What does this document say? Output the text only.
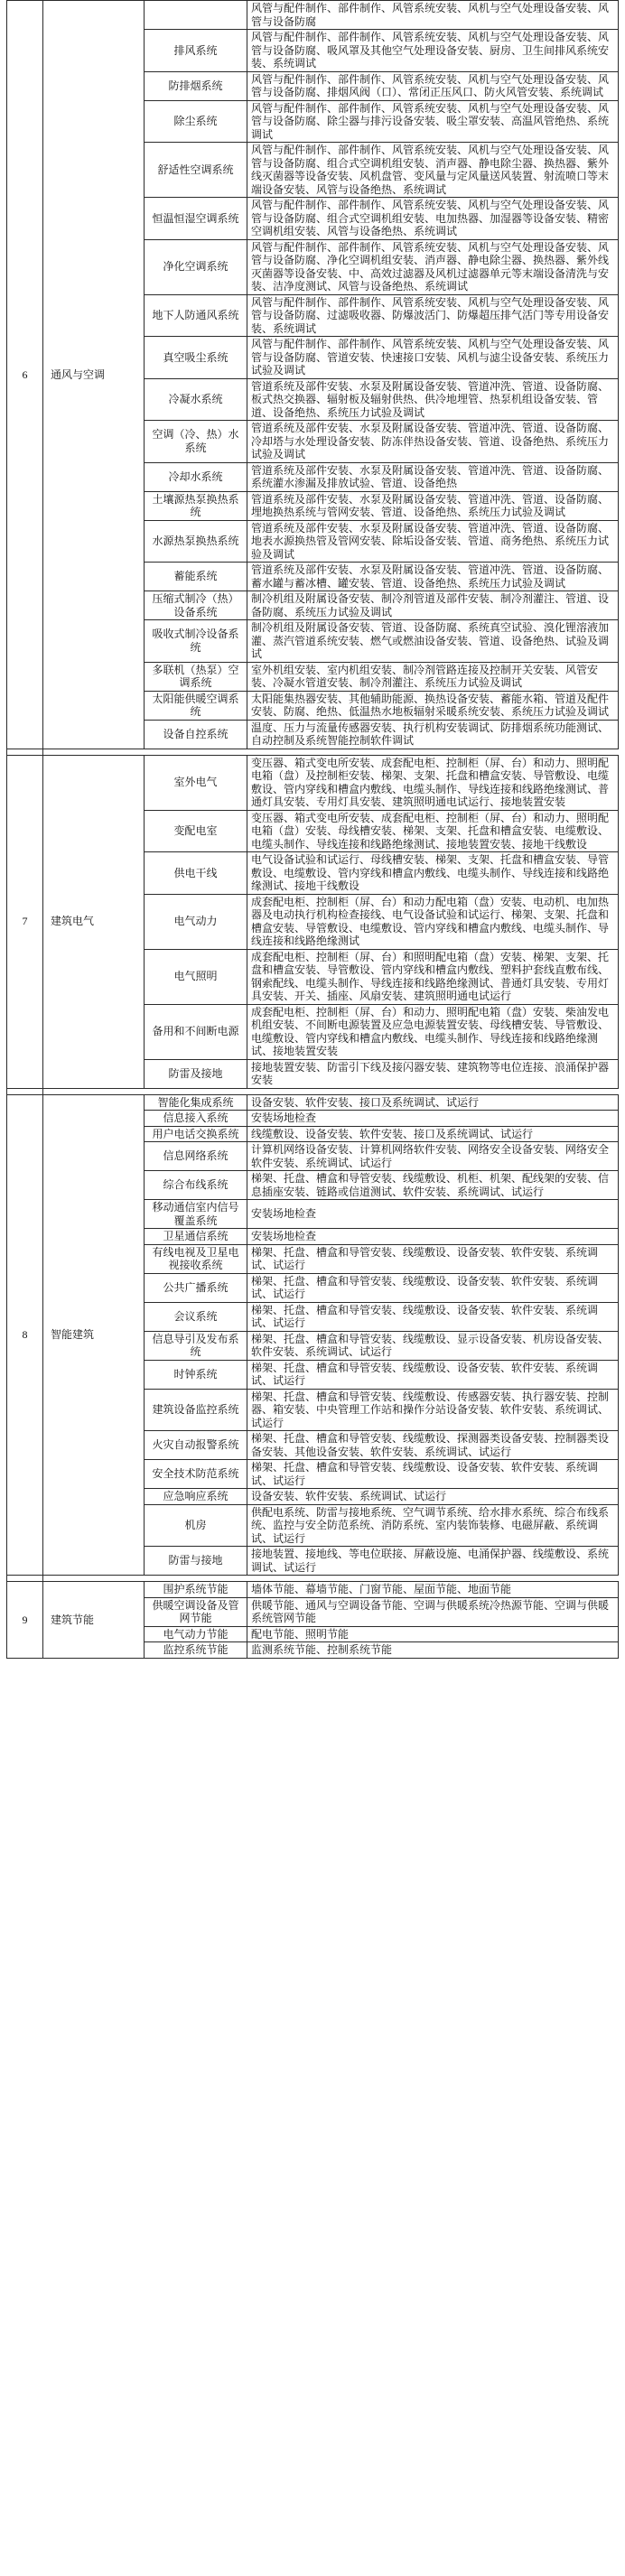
6	通风与空调		风管与配件制作、部件制作、风管系统安装、风机与空气处理设备安装、风管与设备防腐
		排风系统	风管与配件制作、部件制作、风管系统安装、风机与空气处理设备安装、风管与设备防腐、吸风罩及其他空气处理设备安装、厨房、卫生间排风系统安装、系统调试
		防排烟系统	风管与配件制作、部件制作、风管系统安装、风机与空气处理设备安装、风管与设备防腐、排烟风阀（口）、常闭正压风口、防火风管安装、系统调试
		除尘系统	风管与配件制作、部件制作、风管系统安装、风机与空气处理设备安装、风管与设备防腐、除尘器与排污设备安装、吸尘罩安装、高温风管绝热、系统调试
		舒适性空调系统	风管与配件制作、部件制作、风管系统安装、风机与空气处理设备安装、风管与设备防腐、组合式空调机组安装、消声器、静电除尘器、换热器、紫外线灭菌器等设备安装、风机盘管、变风量与定风量送风装置、射流喷口等末端设备安装、风管与设备绝热、系统调试
		恒温恒湿空调系统	风管与配件制作、部件制作、风管系统安装、风机与空气处理设备安装、风管与设备防腐、组合式空调机组安装、电加热器、加湿器等设备安装、精密空调机组安装、风管与设备绝热、系统调试
		净化空调系统	风管与配件制作、部件制作、风管系统安装、风机与空气处理设备安装、风管与设备防腐、净化空调机组安装、消声器、静电除尘器、换热器、紫外线灭菌器等设备安装、中、高效过滤器及风机过滤器单元等末端设备清洗与安装、洁净度测试、风管与设备绝热、系统调试
		地下人防通风系统	风管与配件制作、部件制作、风管系统安装、风机与空气处理设备安装、风管与设备防腐、过滤吸收器、防爆波活门、防爆超压排气活门等专用设备安装、系统调试
		真空吸尘系统	风管与配件制作、部件制作、风管系统安装、风机与空气处理设备安装、风管与设备防腐、管道安装、快速接口安装、风机与滤尘设备安装、系统压力试验及调试
		冷凝水系统	管道系统及部件安装、水泵及附属设备安装、管道冲洗、管道、设备防腐、板式热交换器、辐射板及辐射供热、供冷地埋管、热泵机组设备安装、管道、设备绝热、系统压力试验及调试
		空调（冷、热）水系统	管道系统及部件安装、水泵及附属设备安装、管道冲洗、管道、设备防腐、冷却塔与水处理设备安装、防冻伴热设备安装、管道、设备绝热、系统压力试验及调试
		冷却水系统	管道系统及部件安装、水泵及附属设备安装、管道冲洗、管道、设备防腐、系统灌水渗漏及排放试验、管道、设备绝热
		土壤源热泵换热系统	管道系统及部件安装、水泵及附属设备安装、管道冲洗、管道、设备防腐、埋地换热系统与管网安装、管道、设备绝热、系统压力试验及调试
		水源热泵换热系统	管道系统及部件安装、水泵及附属设备安装、管道冲洗、管道、设备防腐、地表水源换热管及管网安装、除垢设备安装、管道、商务绝热、系统压力试验及调试
		蓄能系统	管道系统及部件安装、水泵及附属设备安装、管道冲洗、管道、设备防腐、蓄水罐与蓄冰槽、罐安装、管道、设备绝热、系统压力试验及调试
		压缩式制冷（热）设备系统	制冷机组及附属设备安装、制冷剂管道及部件安装、制冷剂灌注、管道、设备防腐、系统压力试验及调试
		吸收式制冷设备系统	制冷机组及附属设备安装、管道、设备防腐、系统真空试验、溴化锂溶液加灌、蒸汽管道系统安装、燃气或燃油设备安装、管道、设备绝热、试验及调试
		多联机（热泵）空调系统	室外机组安装、室内机组安装、制冷剂管路连接及控制开关安装、风管安装、冷凝水管道安装、制冷剂灌注、系统压力试验及调试
		太阳能供暖空调系统	太阳能集热器安装、其他辅助能源、换热设备安装、蓄能水箱、管道及配件安装、防腐、绝热、低温热水地板辐射采暖系统安装、系统压力试验及调试
		设备自控系统	温度、压力与流量传感器安装、执行机构安装调试、防排烟系统功能测试、自动控制及系统智能控制软件调试

7	建筑电气	室外电气	变压器、箱式变电所安装、成套配电柜、控制柜（屏、台）和动力、照明配电箱（盘）及控制柜安装、梯架、支架、托盘和槽盒安装、导管敷设、电缆敷设、管内穿线和槽盒内敷线、电缆头制作、导线连接和线路绝缘测试、普通灯具安装、专用灯具安装、建筑照明通电试运行、接地装置安装
		变配电室	变压器、箱式变电所安装、成套配电柜、控制柜（屏、台）和动力、照明配电箱（盘）安装、母线槽安装、梯架、支架、托盘和槽盒安装、电缆敷设、电缆头制作、导线连接和线路绝缘测试、接地装置安装、接地干线敷设
		供电干线	电气设备试验和试运行、母线槽安装、梯架、支架、托盘和槽盒安装、导管敷设、电缆敷设、管内穿线和槽盒内敷线、电缆头制作、导线连接和线路绝缘测试、接地干线敷设
		电气动力	成套配电柜、控制柜（屏、台）和动力配电箱（盘）安装、电动机、电加热器及电动执行机构检查接线、电气设备试验和试运行、梯架、支架、托盘和槽盒安装、导管敷设、电缆敷设、管内穿线和槽盒内敷线、电缆头制作、导线连接和线路绝缘测试
		电气照明	成套配电柜、控制柜（屏、台）和照明配电箱（盘）安装、梯架、支架、托盘和槽盒安装、导管敷设、管内穿线和槽盒内敷线、塑料护套线直敷布线、钢索配线、电缆头制作、导线连接和线路绝缘测试、普通灯具安装、专用灯具安装、开关、插座、风扇安装、建筑照明通电试运行
		备用和不间断电源	成套配电柜、控制柜（屏、台）和动力、照明配电箱（盘）安装、柴油发电机组安装、不间断电源装置及应急电源装置安装、母线槽安装、导管敷设、电缆敷设、管内穿线和槽盒内敷线、电缆头制作、导线连接和线路绝缘测试、接地装置安装
		防雷及接地	接地装置安装、防雷引下线及接闪器安装、建筑物等电位连接、浪涌保护器安装

8	智能建筑	智能化集成系统	设备安装、软件安装、接口及系统调试、试运行
		信息接入系统	安装场地检查
		用户电话交换系统	线缆敷设、设备安装、软件安装、接口及系统调试、试运行
		信息网络系统	计算机网络设备安装、计算机网络软件安装、网络安全设备安装、网络安全软件安装、系统调试、试运行
		综合布线系统	梯架、托盘、槽盒和导管安装、线缆敷设、机柜、机架、配线架的安装、信息插座安装、链路或信道测试、软件安装、系统调试、试运行
		移动通信室内信号覆盖系统	安装场地检查
		卫星通信系统	安装场地检查
		有线电视及卫星电视接收系统	梯架、托盘、槽盒和导管安装、线缆敷设、设备安装、软件安装、系统调试、试运行
		公共广播系统	梯架、托盘、槽盒和导管安装、线缆敷设、设备安装、软件安装、系统调试、试运行
		会议系统	梯架、托盘、槽盒和导管安装、线缆敷设、设备安装、软件安装、系统调试、试运行
		信息导引及发布系统	梯架、托盘、槽盒和导管安装、线缆敷设、显示设备安装、机房设备安装、软件安装、系统调试、试运行
		时钟系统	梯架、托盘、槽盒和导管安装、线缆敷设、设备安装、软件安装、系统调试、试运行
		建筑设备监控系统	梯架、托盘、槽盒和导管安装、线缆敷设、传感器安装、执行器安装、控制器、箱安装、中央管理工作站和操作分站设备安装、软件安装、系统调试、试运行
		火灾自动报警系统	梯架、托盘、槽盒和导管安装、线缆敷设、探测器类设备安装、控制器类设备安装、其他设备安装、软件安装、系统调试、试运行
		安全技术防范系统	梯架、托盘、槽盒和导管安装、线缆敷设、设备安装、软件安装、系统调试、试运行
		应急响应系统	设备安装、软件安装、系统调试、试运行
		机房	供配电系统、防雷与接地系统、空气调节系统、给水排水系统、综合布线系统、监控与安全防范系统、消防系统、室内装饰装修、电磁屏蔽、系统调试、试运行
		防雷与接地	接地装置、接地线、等电位联接、屏蔽设施、电涌保护器、线缆敷设、系统调试、试运行

9	建筑节能	围护系统节能	墙体节能、幕墙节能、门窗节能、屋面节能、地面节能
		供暖空调设备及管网节能	供暖节能、通风与空调设备节能、空调与供暖系统冷热源节能、空调与供暖系统管网节能
		电气动力节能	配电节能、照明节能
		监控系统节能	监测系统节能、控制系统节能
